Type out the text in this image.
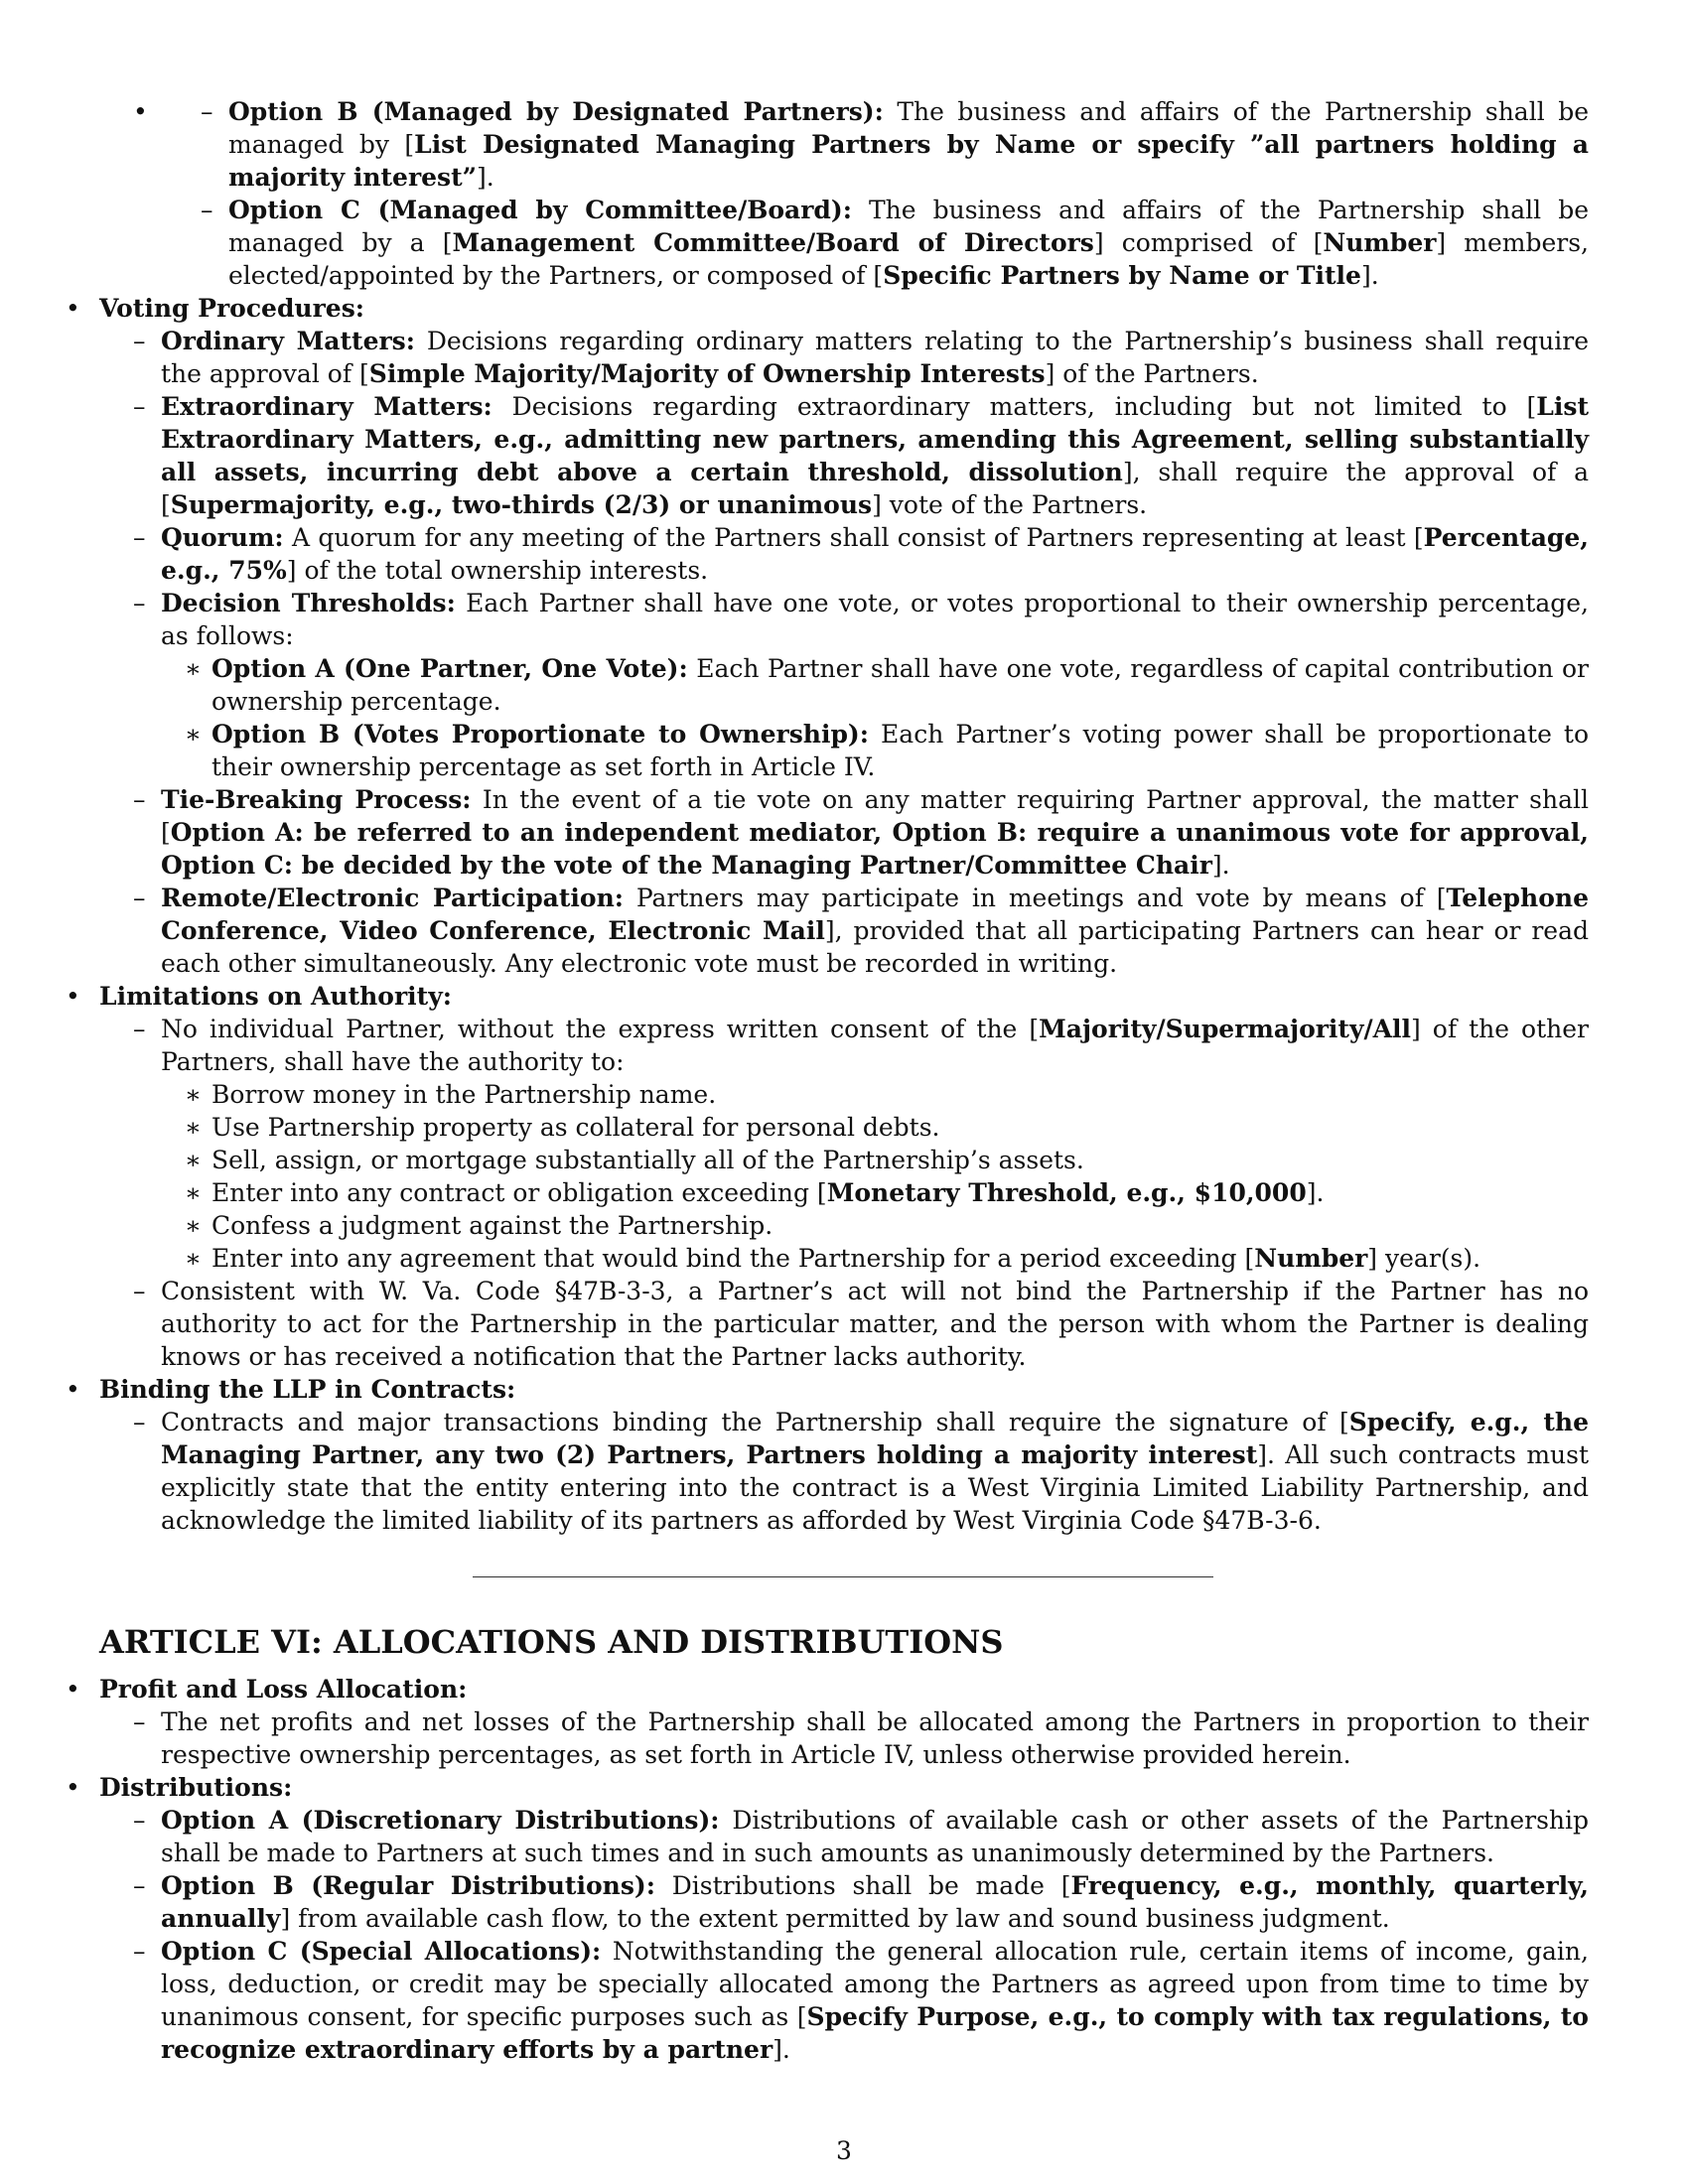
– • Option B (Managed by Designated Partners): The business and affairs of the Partnership shall be managed by [List Designated Managing Partners by Name or specify ”all partners holding a majority interest”].
– Option C (Managed by Committee/Board): The business and affairs of the Partnership shall be managed by a [Management Committee/Board of Directors] comprised of [Number] members, elected/appointed by the Partners, or composed of [Specific Partners by Name or Title].
• Voting Procedures:
– Ordinary Matters: Decisions regarding ordinary matters relating to the Partnership’s business shall require the approval of [Simple Majority/Majority of Ownership Interests] of the Partners.
– Extraordinary Matters: Decisions regarding extraordinary matters, including but not limited to [List Extraordinary Matters, e.g., admitting new partners, amending this Agreement, selling substantially all assets, incurring debt above a certain threshold, dissolution], shall require the approval of a [Supermajority, e.g., two-thirds (2/3) or unanimous] vote of the Partners.
– Quorum: A quorum for any meeting of the Partners shall consist of Partners representing at least [Percentage, e.g., 75%] of the total ownership interests.
– Decision Thresholds: Each Partner shall have one vote, or votes proportional to their ownership percentage, as follows:
∗ Option A (One Partner, One Vote): Each Partner shall have one vote, regardless of capital contribution or ownership percentage.
∗ Option B (Votes Proportionate to Ownership): Each Partner’s voting power shall be proportionate to their ownership percentage as set forth in Article IV.
– Tie-Breaking Process: In the event of a tie vote on any matter requiring Partner approval, the matter shall [Option A: be referred to an independent mediator, Option B: require a unanimous vote for approval, Option C: be decided by the vote of the Managing Partner/Committee Chair].
– Remote/Electronic Participation: Partners may participate in meetings and vote by means of [Telephone Conference, Video Conference, Electronic Mail], provided that all participating Partners can hear or read each other simultaneously. Any electronic vote must be recorded in writing.
• Limitations on Authority:
– No individual Partner, without the express written consent of the [Majority/Supermajority/All] of the other Partners, shall have the authority to:
∗ Borrow money in the Partnership name.
∗ Use Partnership property as collateral for personal debts.
∗ Sell, assign, or mortgage substantially all of the Partnership’s assets.
∗ Enter into any contract or obligation exceeding [Monetary Threshold, e.g., $10,000].
∗ Confess a judgment against the Partnership.
∗ Enter into any agreement that would bind the Partnership for a period exceeding [Number] year(s).
– Consistent with W. Va. Code §47B-3-3, a Partner’s act will not bind the Partnership if the Partner has no authority to act for the Partnership in the particular matter, and the person with whom the Partner is dealing knows or has received a notification that the Partner lacks authority.
• Binding the LLP in Contracts:
– Contracts and major transactions binding the Partnership shall require the signature of [Specify, e.g., the Managing Partner, any two (2) Partners, Partners holding a majority interest]. All such contracts must explicitly state that the entity entering into the contract is a West Virginia Limited Liability Partnership, and acknowledge the limited liability of its partners as afforded by West Virginia Code §47B-3-6.
ARTICLE VI: ALLOCATIONS AND DISTRIBUTIONS
• Profit and Loss Allocation:
– The net profits and net losses of the Partnership shall be allocated among the Partners in proportion to their respective ownership percentages, as set forth in Article IV, unless otherwise provided herein.
• Distributions:
– Option A (Discretionary Distributions): Distributions of available cash or other assets of the Partnership shall be made to Partners at such times and in such amounts as unanimously determined by the Partners.
– Option B (Regular Distributions): Distributions shall be made [Frequency, e.g., monthly, quarterly, annually] from available cash flow, to the extent permitted by law and sound business judgment.
– Option C (Special Allocations): Notwithstanding the general allocation rule, certain items of income, gain, loss, deduction, or credit may be specially allocated among the Partners as agreed upon from time to time by unanimous consent, for specific purposes such as [Specify Purpose, e.g., to comply with tax regulations, to recognize extraordinary efforts by a partner].
3
